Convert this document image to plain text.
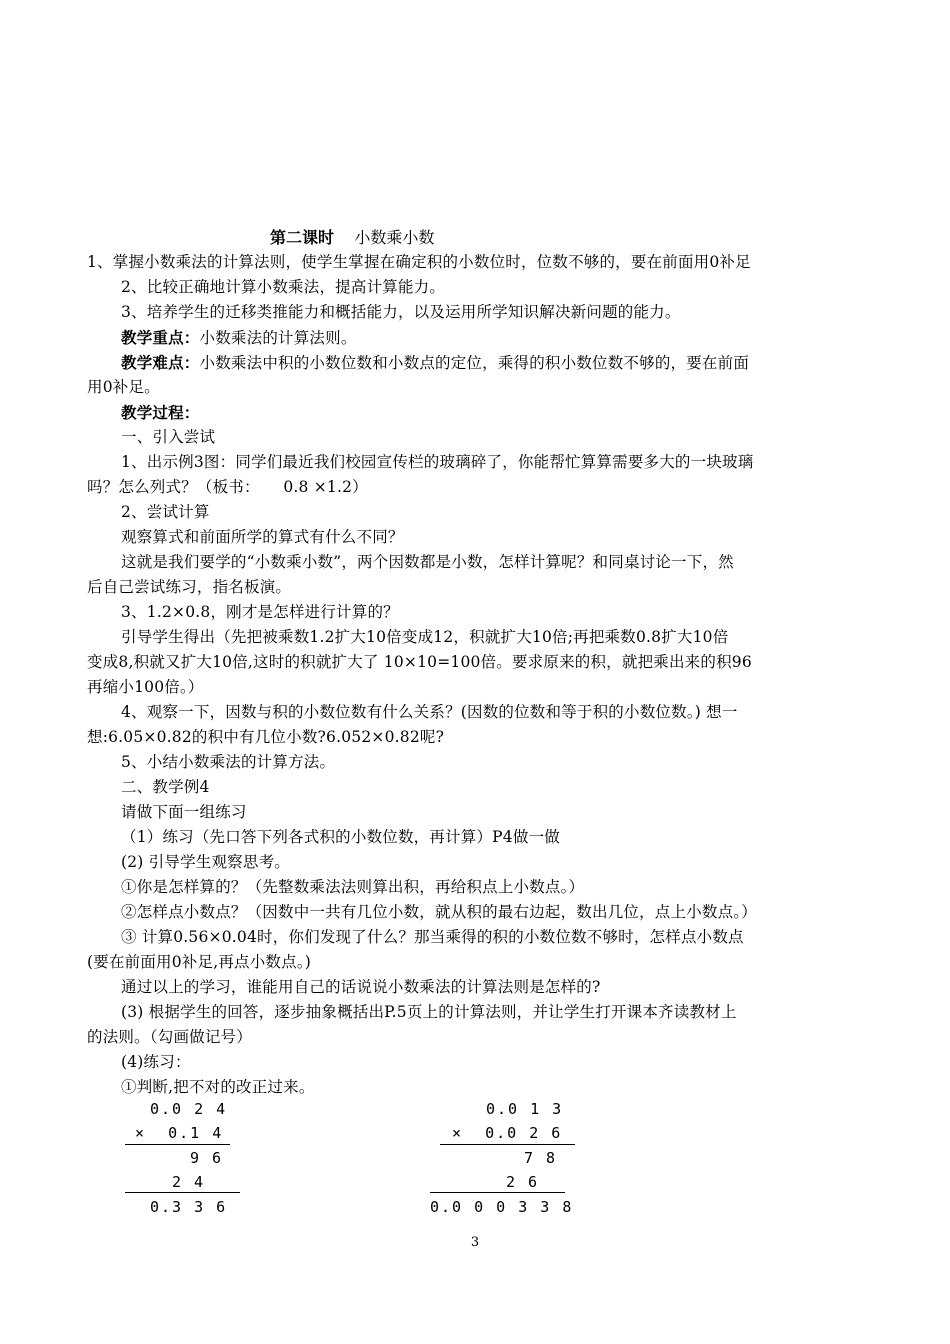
第二课时 小数乘小数
1、掌握小数乘法的计算法则，使学生掌握在确定积的小数位时，位数不够的，要在前面用0补足
2、比较正确地计算小数乘法，提高计算能力。
3、培养学生的迁移类推能力和概括能力，以及运用所学知识解决新问题的能力。
教学重点：小数乘法的计算法则。
教学难点：小数乘法中积的小数位数和小数点的定位，乘得的积小数位数不够的，要在前面
用0补足。
教学过程：
一、引入尝试
1、出示例3图：同学们最近我们校园宣传栏的玻璃碎了，你能帮忙算算需要多大的一块玻璃
吗？怎么列式？（板书：　　0.8 ×1.2）
2、尝试计算
观察算式和前面所学的算式有什么不同？
这就是我们要学的“小数乘小数”，两个因数都是小数，怎样计算呢？和同桌讨论一下，然
后自己尝试练习，指名板演。
3、1.2×0.8，刚才是怎样进行计算的？
引导学生得出（先把被乘数1.2扩大10倍变成12，积就扩大10倍;再把乘数0.8扩大10倍
变成8,积就又扩大10倍,这时的积就扩大了 10×10=100倍。要求原来的积，就把乘出来的积96
再缩小100倍。）
4、观察一下，因数与积的小数位数有什么关系？(因数的位数和等于积的小数位数。) 想一
想:6.05×0.82的积中有几位小数?6.052×0.82呢?
5、小结小数乘法的计算方法。
二、教学例4
请做下面一组练习
（1）练习（先口答下列各式积的小数位数，再计算）P4做一做
(2) 引导学生观察思考。
①你是怎样算的？（先整数乘法法则算出积，再给积点上小数点。）
②怎样点小数点？（因数中一共有几位小数，就从积的最右边起，数出几位，点上小数点。）
③ 计算0.56×0.04时，你们发现了什么？那当乘得的积的小数位数不够时，怎样点小数点
(要在前面用0补足,再点小数点。)
通过以上的学习，谁能用自己的话说说小数乘法的计算法则是怎样的?
(3) 根据学生的回答，逐步抽象概括出P.5页上的计算法则，并让学生打开课本齐读教材上
的法则。（勾画做记号）
(4)练习：
①判断,把不对的改正过来。
0.0 2 4
×  0.1 4
9 6
2 4
0.3 3 6
0.0 1 3
×  0.0 2 6
7 8
2 6
0.0 0 0 3 3 8
3
